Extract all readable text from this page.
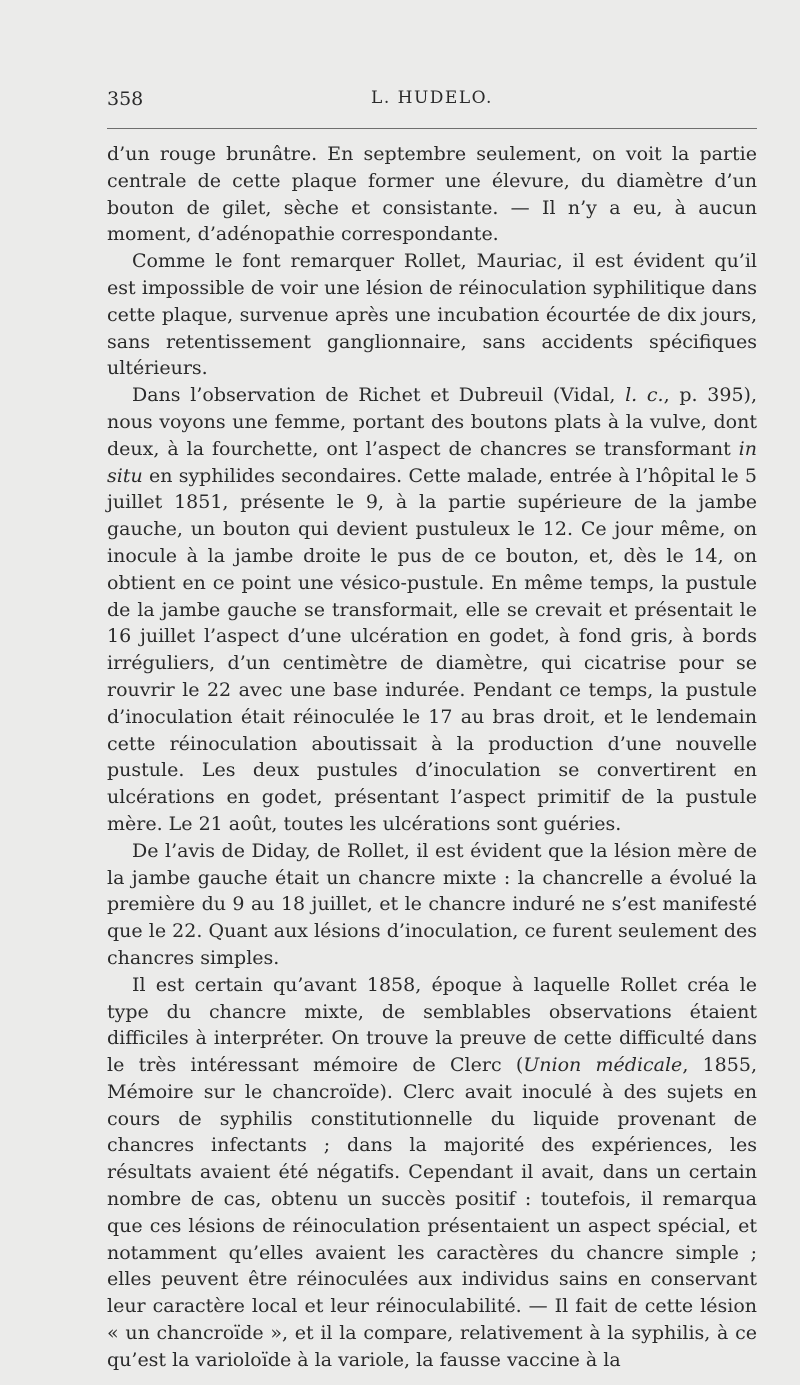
358	L. HUDELO.

d’un rouge brunâtre. En septembre seulement, on voit la partie centrale de cette plaque former une élevure, du diamètre d’un bouton de gilet, sèche et consistante. — Il n’y a eu, à aucun moment, d’adénopathie correspondante.

Comme le font remarquer Rollet, Mauriac, il est évident qu’il est impossible de voir une lésion de réinoculation syphilitique dans cette plaque, survenue après une incubation écourtée de dix jours, sans retentissement ganglionnaire, sans accidents spécifiques ultérieurs.

Dans l’observation de Richet et Dubreuil (Vidal, l. c., p. 395), nous voyons une femme, portant des boutons plats à la vulve, dont deux, à la fourchette, ont l’aspect de chancres se transformant in situ en syphilides secondaires. Cette malade, entrée à l’hôpital le 5 juillet 1851, présente le 9, à la partie supérieure de la jambe gauche, un bouton qui devient pustuleux le 12. Ce jour même, on inocule à la jambe droite le pus de ce bouton, et, dès le 14, on obtient en ce point une vésico-pustule. En même temps, la pustule de la jambe gauche se transformait, elle se crevait et présentait le 16 juillet l’aspect d’une ulcération en godet, à fond gris, à bords irréguliers, d’un centimètre de diamètre, qui cicatrise pour se rouvrir le 22 avec une base indurée. Pendant ce temps, la pustule d’inoculation était réinoculée le 17 au bras droit, et le lendemain cette réinoculation aboutissait à la production d’une nouvelle pustule. Les deux pustules d’inoculation se convertirent en ulcérations en godet, présentant l’aspect primitif de la pustule mère. Le 21 août, toutes les ulcérations sont guéries.

De l’avis de Diday, de Rollet, il est évident que la lésion mère de la jambe gauche était un chancre mixte : la chancrelle a évolué la première du 9 au 18 juillet, et le chancre induré ne s’est manifesté que le 22. Quant aux lésions d’inoculation, ce furent seulement des chancres simples.

Il est certain qu’avant 1858, époque à laquelle Rollet créa le type du chancre mixte, de semblables observations étaient difficiles à interpréter. On trouve la preuve de cette difficulté dans le très intéressant mémoire de Clerc (Union médicale, 1855, Mémoire sur le chancroïde). Clerc avait inoculé à des sujets en cours de syphilis constitutionnelle du liquide provenant de chancres infectants ; dans la majorité des expériences, les résultats avaient été négatifs. Cependant il avait, dans un certain nombre de cas, obtenu un succès positif : toutefois, il remarqua que ces lésions de réinoculation présentaient un aspect spécial, et notamment qu’elles avaient les caractères du chancre simple ; elles peuvent être réinoculées aux individus sains en conservant leur caractère local et leur réinoculabilité. — Il fait de cette lésion « un chancroïde », et il la compare, relativement à la syphilis, à ce qu’est la varioloïde à la variole, la fausse vaccine à la
